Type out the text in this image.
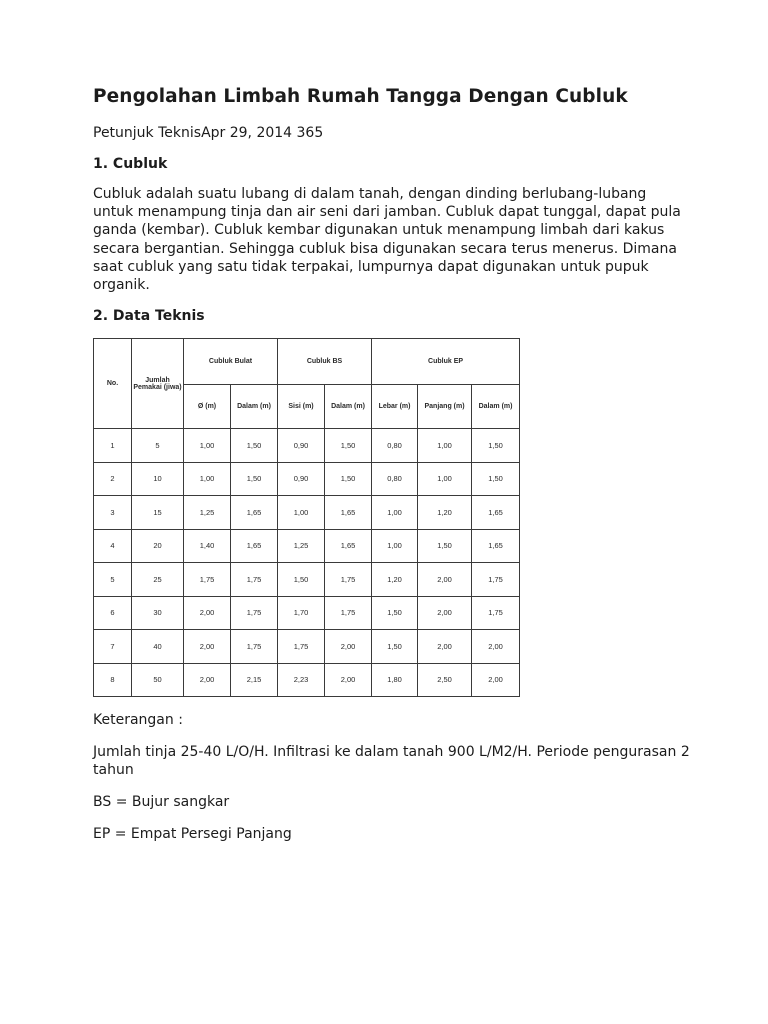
Pengolahan Limbah Rumah Tangga Dengan Cubluk

Petunjuk TeknisApr 29, 2014 365

1. Cubluk

Cubluk adalah suatu lubang di dalam tanah, dengan dinding berlubang-lubang untuk menampung tinja dan air seni dari jamban. Cubluk dapat tunggal, dapat pula ganda (kembar). Cubluk kembar digunakan untuk menampung limbah dari kakus secara bergantian. Sehingga cubluk bisa digunakan secara terus menerus. Dimana saat cubluk yang satu tidak terpakai, lumpurnya dapat digunakan untuk pupuk organik.

2. Data Teknis
No.	Jumlah Pemakai (jiwa)	Cubluk Bulat		Cubluk BS		Cubluk EP		
		Ø (m)	Dalam (m)	Sisi (m)	Dalam (m)	Lebar (m)	Panjang (m)	Dalam (m)
1	5	1,00	1,50	0,90	1,50	0,80	1,00	1,50
2	10	1,00	1,50	0,90	1,50	0,80	1,00	1,50
3	15	1,25	1,65	1,00	1,65	1,00	1,20	1,65
4	20	1,40	1,65	1,25	1,65	1,00	1,50	1,65
5	25	1,75	1,75	1,50	1,75	1,20	2,00	1,75
6	30	2,00	1,75	1,70	1,75	1,50	2,00	1,75
7	40	2,00	1,75	1,75	2,00	1,50	2,00	2,00
8	50	2,00	2,15	2,23	2,00	1,80	2,50	2,00

Keterangan :

Jumlah tinja 25-40 L/O/H. Infiltrasi ke dalam tanah 900 L/M2/H. Periode pengurasan 2 tahun

BS = Bujur sangkar

EP = Empat Persegi Panjang
